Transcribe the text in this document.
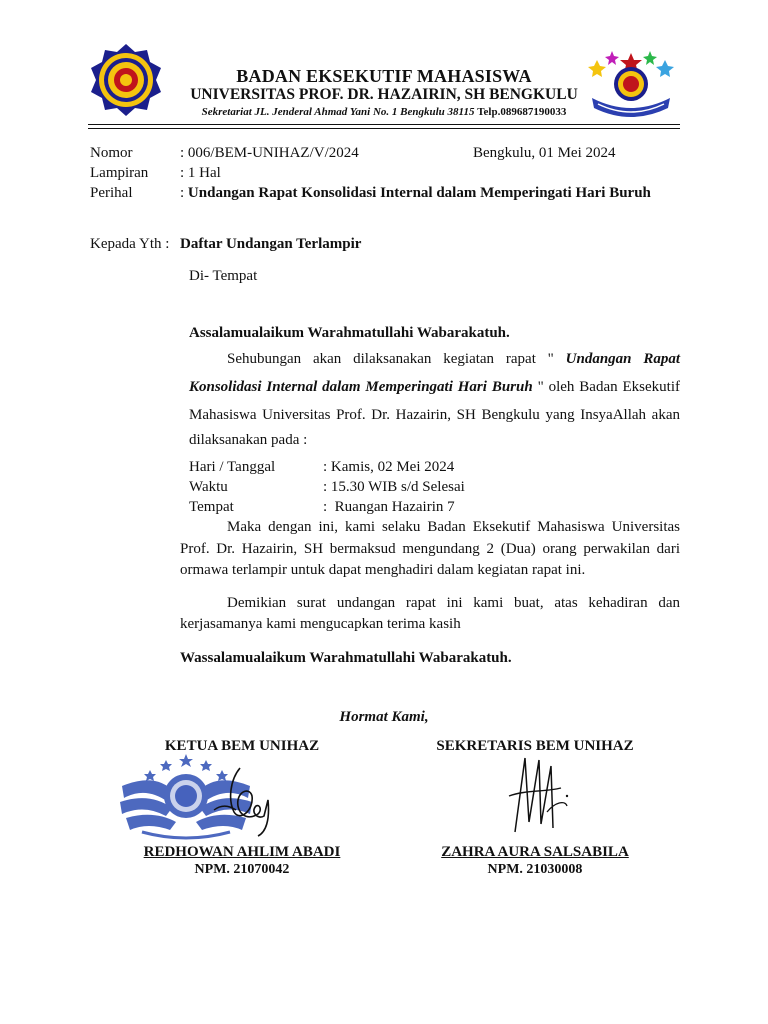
BADAN EKSEKUTIF MAHASISWA
UNIVERSITAS PROF. DR. HAZAIRIN, SH BENGKULU
Sekretariat JL. Jenderal Ahmad Yani No. 1 Bengkulu 38115 Telp.089687190033
Nomor	: 006/BEM-UNIHAZ/V/2024	Bengkulu, 01 Mei 2024
Lampiran : 1 Hal
Perihal	: Undangan Rapat Konsolidasi Internal dalam Memperingati Hari Buruh
Kepada Yth : Daftar Undangan Terlampir
Di- Tempat
Assalamualaikum Warahmatullahi Wabarakatuh.
Sehubungan akan dilaksanakan kegiatan rapat " Undangan Rapat
Konsolidasi Internal dalam Memperingati Hari Buruh " oleh Badan Eksekutif
Mahasiswa Universitas Prof. Dr. Hazairin, SH Bengkulu yang InsyaAllah akan
dilaksanakan pada :
Hari / Tanggal	: Kamis, 02 Mei 2024
Waktu	: 15.30 WIB s/d Selesai
Tempat	:  Ruangan Hazairin 7
Maka dengan ini, kami selaku Badan Eksekutif Mahasiswa Universitas
Prof. Dr. Hazairin, SH bermaksud mengundang 2 (Dua) orang perwakilan dari
ormawa terlampir untuk dapat menghadiri dalam kegiatan rapat ini.
Demikian surat undangan rapat ini kami buat, atas kehadiran dan
kerjasamanya kami mengucapkan terima kasih
Wassalamualaikum Warahmatullahi Wabarakatuh.
Hormat Kami,
KETUA BEM UNIHAZ	SEKRETARIS BEM UNIHAZ
REDHOWAN AHLIM ABADI
NPM. 21070042
ZAHRA AURA SALSABILA
NPM. 21030008
